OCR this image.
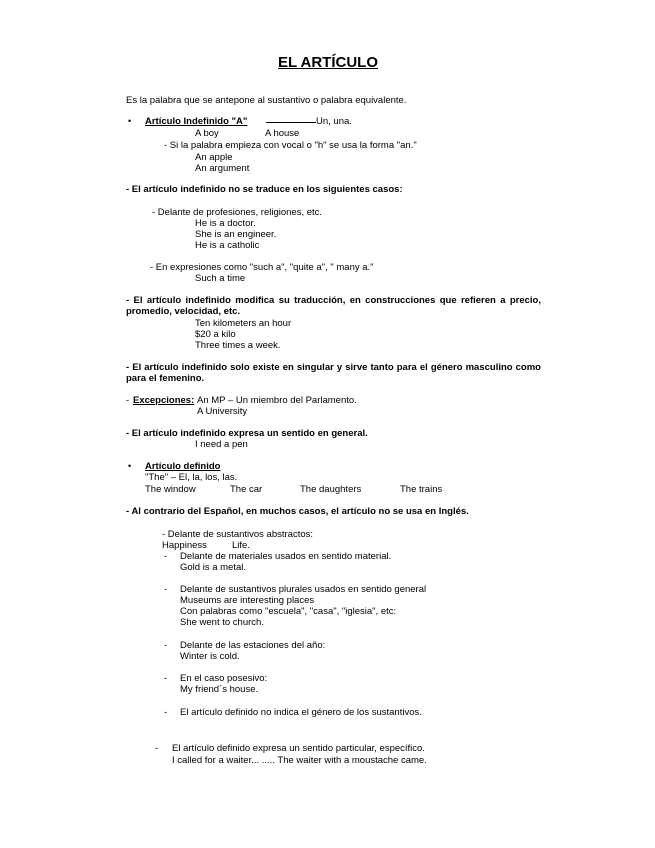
EL ARTÍCULO
Es la palabra que se antepone al sustantivo o palabra equivalente.
• Artículo Indefinido "A"	Un, una.
A boy	A house
- Si la palabra empieza con vocal o "h" se usa la forma "an."
An apple
An argument
- El artículo indefinido no se traduce en los siguientes casos:
- Delante de profesiones, religiones, etc.
He is a doctor.
She is an engineer.
He is a catholic
- En expresiones como "such a", "quite a", " many a."
Such a time
- El artículo indefinido modifica su traducción, en construcciones que refieren a precio, promedio, velocidad, etc.
Ten kilometers an hour
$20 a kilo
Three times a week.
- El artículo indefinido solo existe en singular y sirve tanto para el género masculino como para el femenino.
- Excepciones: An MP – Un miembro del Parlamento.
A University
- El artículo indefinido expresa un sentido en general.
I need a pen
• Artículo definido
"The" – El, la, los, las.
The window	The car	The daughters	The trains
- Al contrario del Español, en muchos casos, el artículo no se usa en Inglés.
- Delante de sustantivos abstractos:
Happiness	Life.
- Delante de materiales usados en sentido material.
Gold is a metal.
- Delante de sustantivos plurales usados en sentido general
Museums are interesting places
Con palabras como "escuela", "casa", "iglesia", etc:
She went to church.
- Delante de las estaciones del año:
Winter is cold.
- En el caso posesivo:
My friend´s house.
- El artículo definido no indica el género de los sustantivos.
- El artículo definido expresa un sentido particular, específico.
I called for a waiter... ..... The waiter with a moustache came.
